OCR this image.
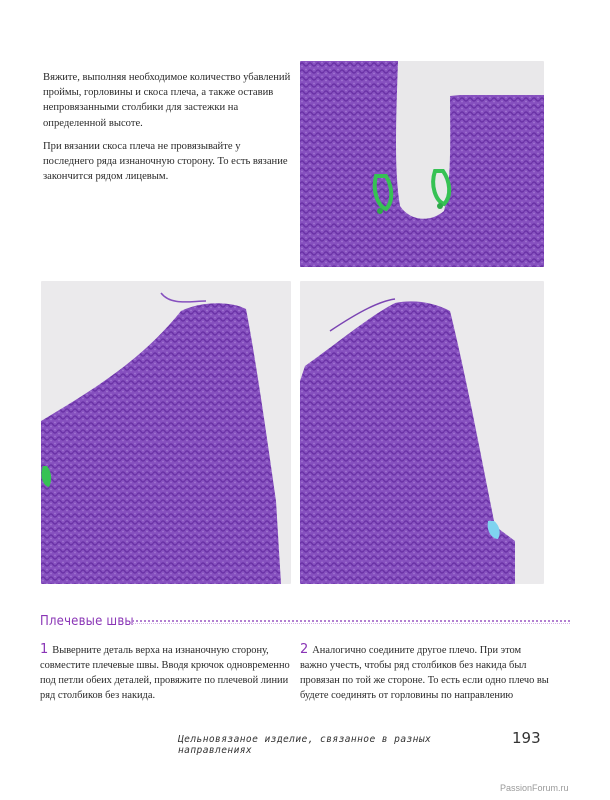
Вяжите, выполняя необходимое количество убавлений проймы, горловины и скоса плеча, а также оставив непровязанными столбики для застежки на определенной высоте.

При вязании скоса плеча не провязывайте у последнего ряда изнаночную сторону. То есть вязание закончится рядом лицевым.

Плечевые швы
1 Выверните деталь верха на изнаночную сторону, совместите плечевые швы. Вводя крючок одновременно под петли обеих деталей, провяжите по плечевой линии ряд столбиков без накида.
2 Аналогично соедините другое плечо. При этом важно учесть, чтобы ряд столбиков без накида был провязан по той же стороне. То есть если одно плечо вы будете соединять от горловины по направлению
Цельновязаное изделие, связанное в разных направлениях
193
PassionForum.ru
